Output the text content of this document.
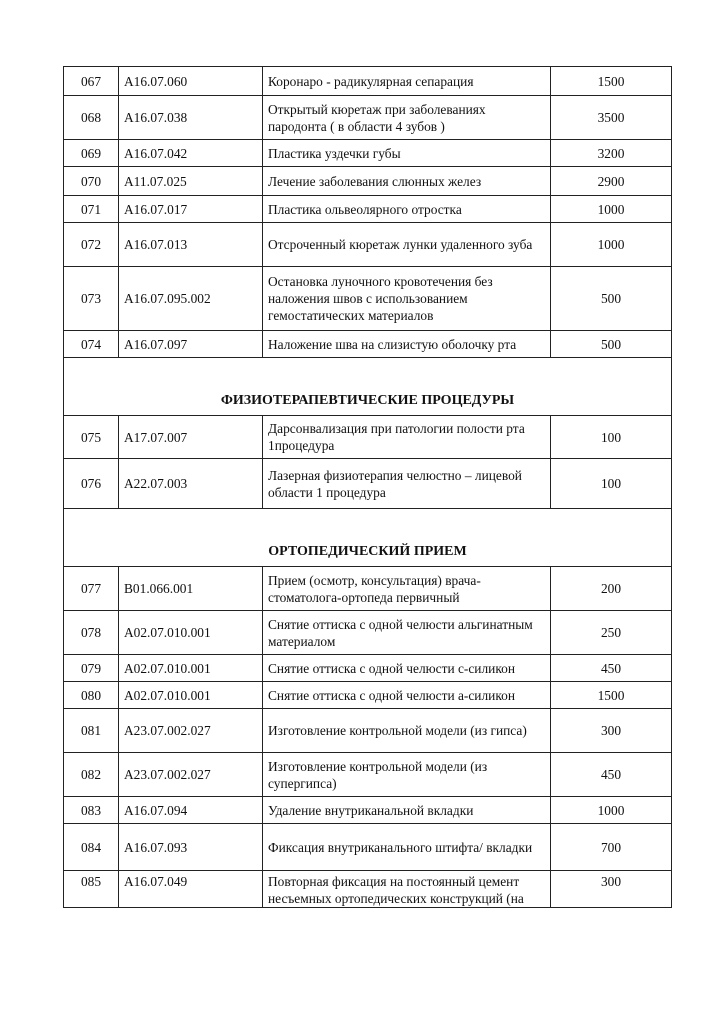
067	А16.07.060	Коронаро - радикулярная сепарация	1500
068	А16.07.038	Открытый кюретаж при заболеваниях пародонта ( в области 4 зубов )	3500
069	А16.07.042	Пластика уздечки губы	3200
070	А11.07.025	Лечение заболевания слюнных желез	2900
071	А16.07.017	Пластика ольвеолярного отростка	1000
072	А16.07.013	Отсроченный кюретаж лунки удаленного зуба	1000
073	А16.07.095.002	Остановка луночного кровотечения без наложения швов с использованием гемостатических материалов	500
074	А16.07.097	Наложение шва на слизистую оболочку рта	500
ФИЗИОТЕРАПЕВТИЧЕСКИЕ ПРОЦЕДУРЫ			
075	А17.07.007	Дарсонвализация при патологии полости рта 1процедура	100
076	А22.07.003	Лазерная физиотерапия челюстно – лицевой области 1 процедура	100
ОРТОПЕДИЧЕСКИЙ ПРИЕМ			
077	В01.066.001	Прием (осмотр, консультация) врача-стоматолога-ортопеда первичный	200
078	А02.07.010.001	Снятие оттиска с одной челюсти альгинатным материалом	250
079	А02.07.010.001	Снятие оттиска с одной челюсти с-силикон	450
080	А02.07.010.001	Снятие оттиска с одной челюсти а-силикон	1500
081	А23.07.002.027	Изготовление контрольной модели (из гипса)	300
082	А23.07.002.027	Изготовление контрольной модели (из супергипса)	450
083	А16.07.094	Удаление внутриканальной вкладки	1000
084	А16.07.093	Фиксация внутриканального штифта/ вкладки	700
085	А16.07.049	Повторная фиксация на постоянный цемент несъемных ортопедических конструкций (на	300
